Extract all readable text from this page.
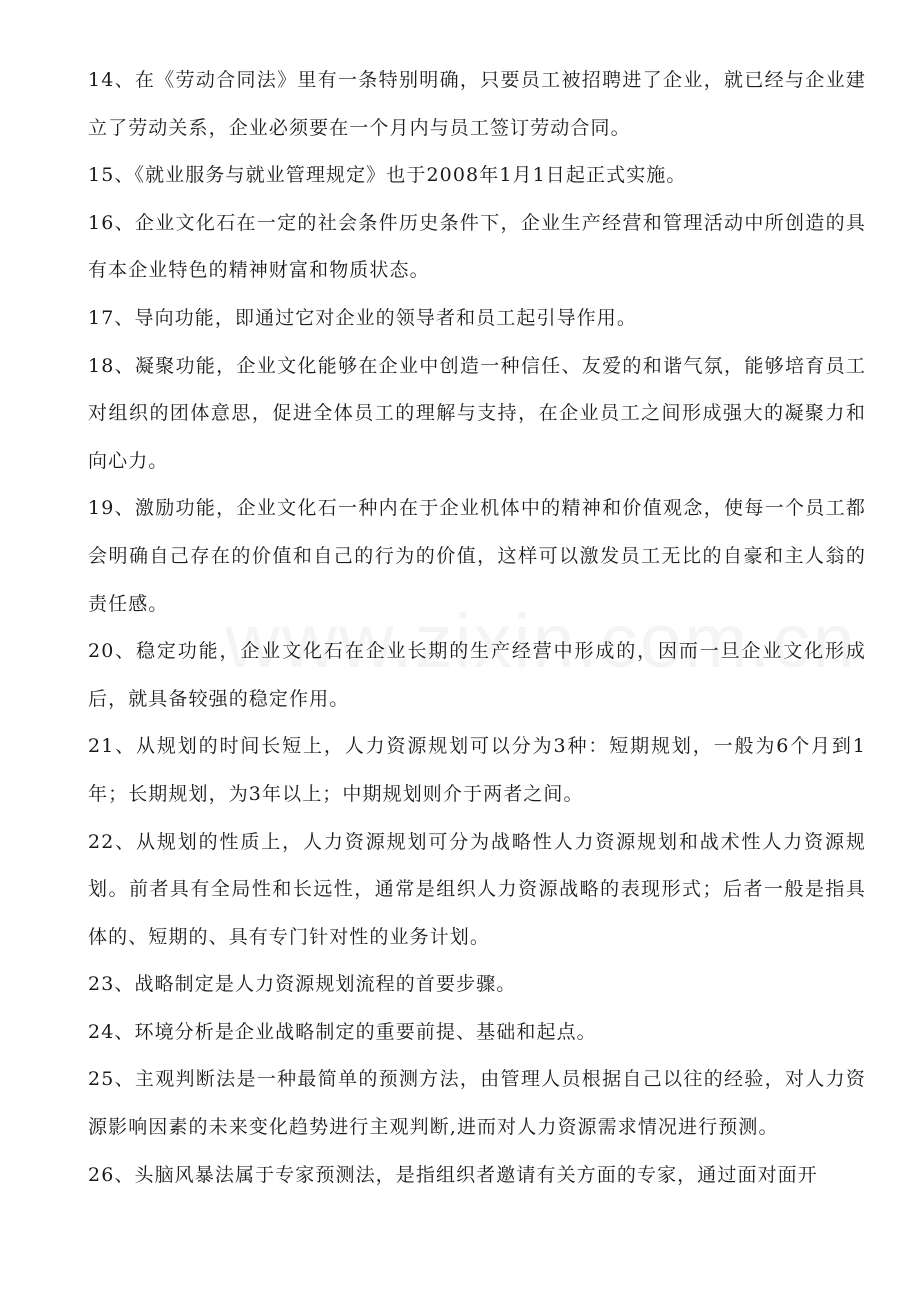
14、在《劳动合同法》里有一条特别明确，只要员工被招聘进了企业，就已经与企业建立了劳动关系，企业必须要在一个月内与员工签订劳动合同。

15、《就业服务与就业管理规定》也于2008年1月1日起正式实施。

16、企业文化石在一定的社会条件历史条件下，企业生产经营和管理活动中所创造的具有本企业特色的精神财富和物质状态。

17、导向功能，即通过它对企业的领导者和员工起引导作用。

18、凝聚功能，企业文化能够在企业中创造一种信任、友爱的和谐气氛，能够培育员工对组织的团体意思，促进全体员工的理解与支持，在企业员工之间形成强大的凝聚力和向心力。

19、激励功能，企业文化石一种内在于企业机体中的精神和价值观念，使每一个员工都会明确自己存在的价值和自己的行为的价值，这样可以激发员工无比的自豪和主人翁的责任感。

20、稳定功能，企业文化石在企业长期的生产经营中形成的，因而一旦企业文化形成后，就具备较强的稳定作用。

21、从规划的时间长短上，人力资源规划可以分为3种：短期规划，一般为6个月到1年；长期规划，为3年以上；中期规划则介于两者之间。

22、从规划的性质上，人力资源规划可分为战略性人力资源规划和战术性人力资源规划。前者具有全局性和长远性，通常是组织人力资源战略的表现形式；后者一般是指具体的、短期的、具有专门针对性的业务计划。

23、战略制定是人力资源规划流程的首要步骤。

24、环境分析是企业战略制定的重要前提、基础和起点。

25、主观判断法是一种最简单的预测方法，由管理人员根据自己以往的经验，对人力资源影响因素的未来变化趋势进行主观判断,进而对人力资源需求情况进行预测。

26、头脑风暴法属于专家预测法，是指组织者邀请有关方面的专家，通过面对面开
